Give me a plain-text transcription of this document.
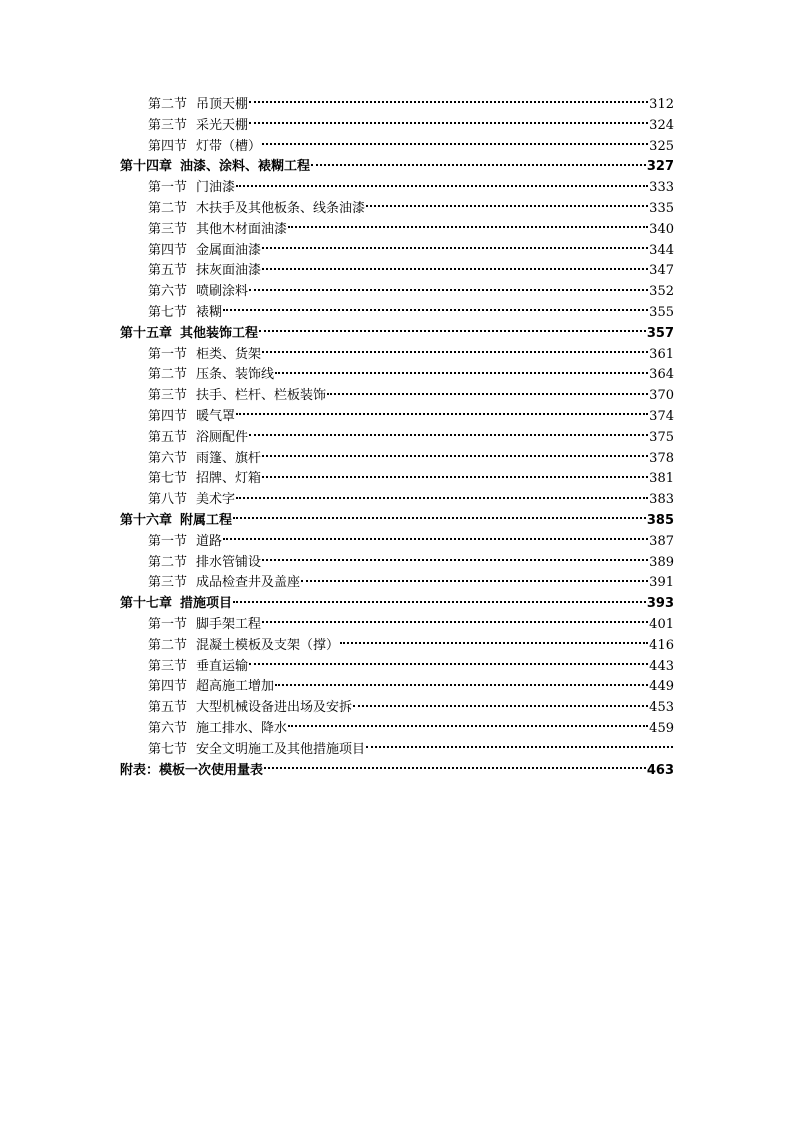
第二节 吊顶天棚	312
第三节 采光天棚	324
第四节 灯带（槽）	325
第十四章 油漆、涂料、裱糊工程	327
第一节 门油漆	333
第二节 木扶手及其他板条、线条油漆	335
第三节 其他木材面油漆	340
第四节 金属面油漆	344
第五节 抹灰面油漆	347
第六节 喷刷涂料	352
第七节 裱糊	355
第十五章 其他装饰工程	357
第一节 柜类、货架	361
第二节 压条、装饰线	364
第三节 扶手、栏杆、栏板装饰	370
第四节 暖气罩	374
第五节 浴厕配件	375
第六节 雨篷、旗杆	378
第七节 招牌、灯箱	381
第八节 美术字	383
第十六章 附属工程	385
第一节 道路	387
第二节 排水管铺设	389
第三节 成品检查井及盖座	391
第十七章 措施项目	393
第一节 脚手架工程	401
第二节 混凝土模板及支架（撑）	416
第三节 垂直运输	443
第四节 超高施工增加	449
第五节 大型机械设备进出场及安拆	453
第六节 施工排水、降水	459
第七节 安全文明施工及其他措施项目
附表：模板一次使用量表	463
